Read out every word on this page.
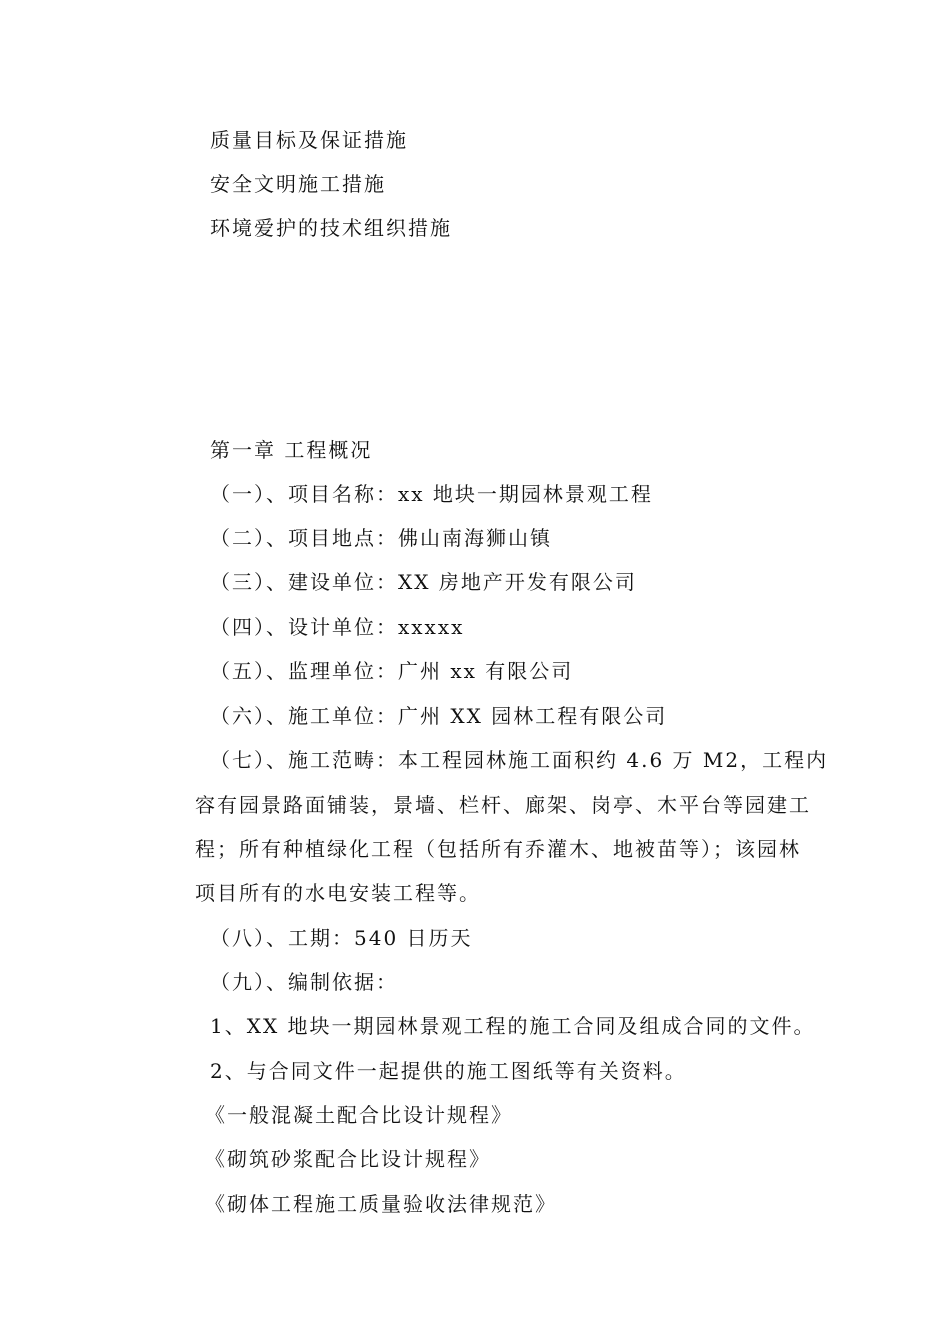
质量目标及保证措施
安全文明施工措施
环境爱护的技术组织措施
第一章 工程概况
（一）、项目名称：xx 地块一期园林景观工程
（二）、项目地点：佛山南海狮山镇
（三）、建设单位：XX 房地产开发有限公司
（四）、设计单位：xxxxx
（五）、监理单位：广州 xx 有限公司
（六）、施工单位：广州 XX 园林工程有限公司
（七）、施工范畴：本工程园林施工面积约 4.6 万 M2，工程内
容有园景路面铺装，景墙、栏杆、廊架、岗亭、木平台等园建工
程；所有种植绿化工程（包括所有乔灌木、地被苗等）；该园林
项目所有的水电安装工程等。
（八）、工期：540 日历天
（九）、编制依据：
1、XX 地块一期园林景观工程的施工合同及组成合同的文件。
2、与合同文件一起提供的施工图纸等有关资料。
《一般混凝土配合比设计规程》
《砌筑砂浆配合比设计规程》
《砌体工程施工质量验收法律规范》
